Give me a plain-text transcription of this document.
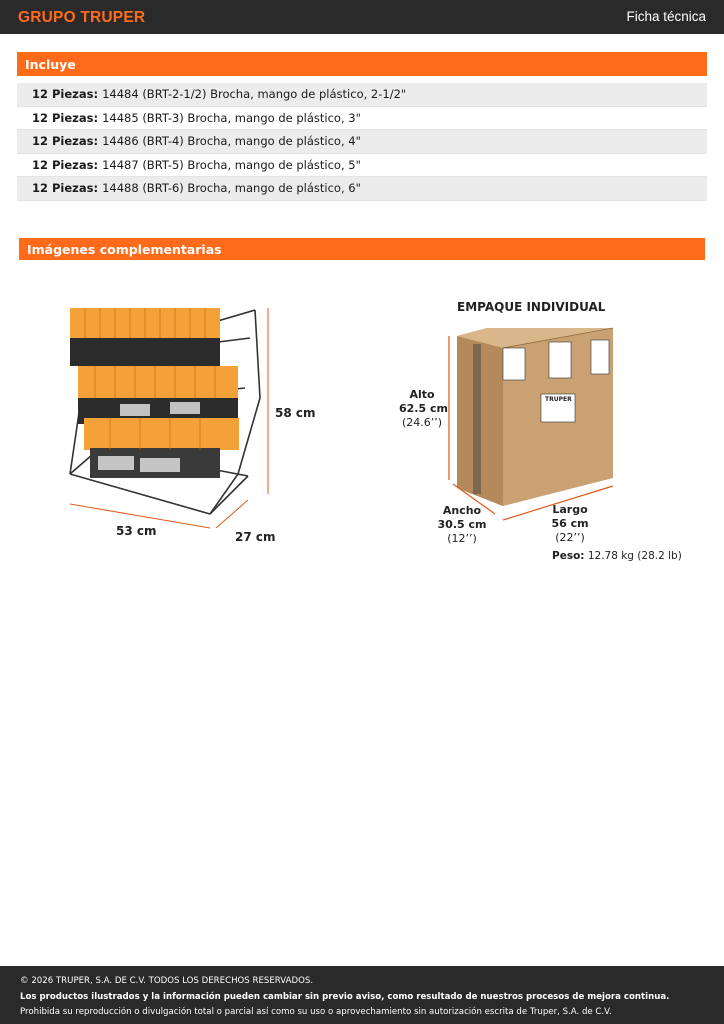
GRUPO TRUPER	Ficha técnica
Incluye
12 Piezas: 14484 (BRT-2-1/2) Brocha, mango de plástico, 2-1/2"
12 Piezas: 14485 (BRT-3) Brocha, mango de plástico, 3"
12 Piezas: 14486 (BRT-4) Brocha, mango de plástico, 4"
12 Piezas: 14487 (BRT-5) Brocha, mango de plástico, 5"
12 Piezas: 14488 (BRT-6) Brocha, mango de plástico, 6"
Imágenes complementarias
58 cm
53 cm	27 cm
EMPAQUE INDIVIDUAL
TRUPER
Alto
62.5 cm
(24.6’’)
Ancho
30.5 cm
(12’’)
Largo
56 cm
(22’’)
Peso: 12.78 kg (28.2 lb)
© 2026 TRUPER, S.A. DE C.V. TODOS LOS DERECHOS RESERVADOS.
Los productos ilustrados y la información pueden cambiar sin previo aviso, como resultado de nuestros procesos de mejora continua.
Prohibida su reproducción o divulgación total o parcial así como su uso o aprovechamiento sin autorización escrita de Truper, S.A. de C.V.
